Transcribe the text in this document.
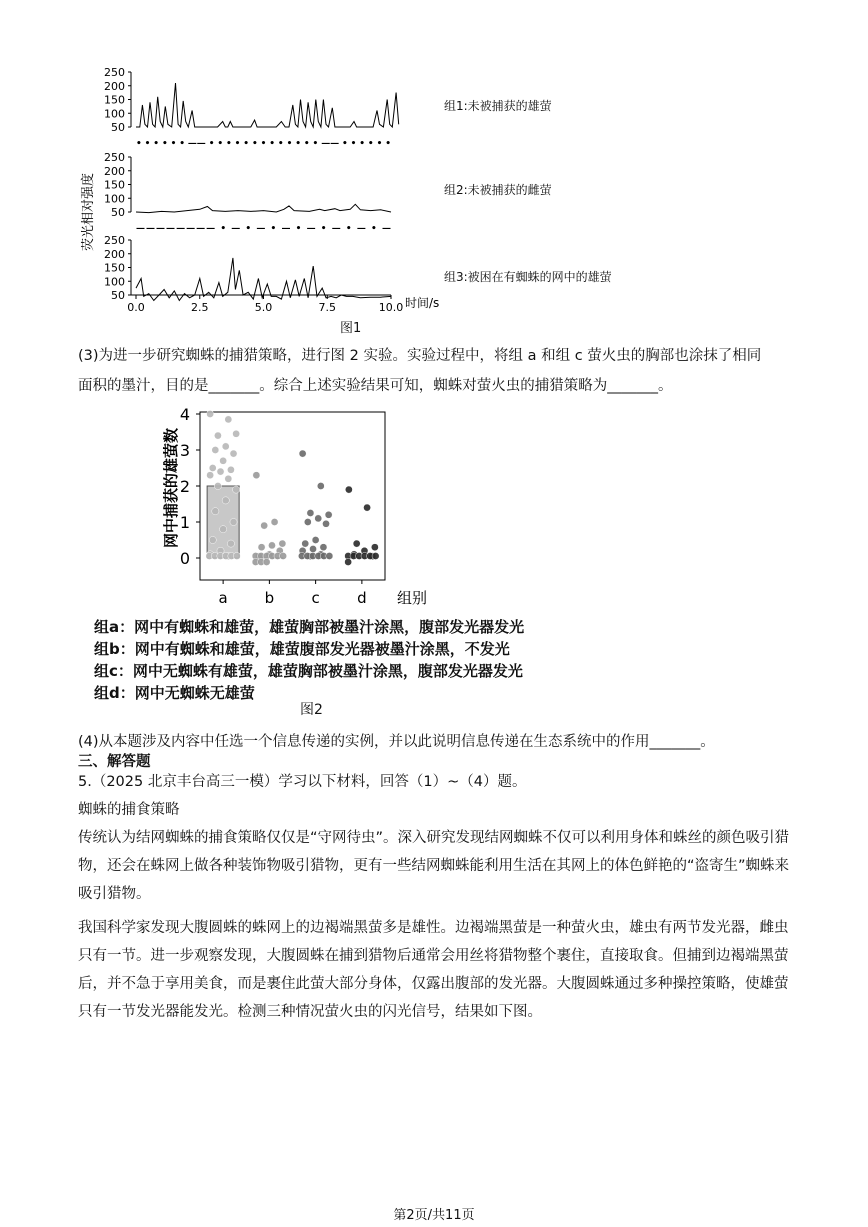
荧光相对强度
250
200
150
100
50
• • • • • • —— • • • • • • • • • • • • • —— • • • • • •
250
200
150
100
50
———————— • — • — • — • — • — • — • —
250
200
150
100
50
0.0	2.5	5.0	7.5	10.0 时间/s
组1:未被捕获的雄萤
组2:未被捕获的雌萤
组3:被困在有蜘蛛的网中的雄萤
图1
(3)为进一步研究蜘蛛的捕猎策略，进行图 2 实验。实验过程中，将组 a 和组 c 萤火虫的胸部也涂抹了相同
面积的墨汁，目的是_______。综合上述实验结果可知，蜘蛛对萤火虫的捕猎策略为_______。
网中捕获的雄萤数
0
1
2
3
4
a b c d 组别
组a：网中有蜘蛛和雄萤，雄萤胸部被墨汁涂黑，腹部发光器发光
组b：网中有蜘蛛和雄萤，雄萤腹部发光器被墨汁涂黑，不发光
组c：网中无蜘蛛有雄萤，雄萤胸部被墨汁涂黑，腹部发光器发光
组d：网中无蜘蛛无雄萤
图2
(4)从本题涉及内容中任选一个信息传递的实例，并以此说明信息传递在生态系统中的作用_______。
三、解答题
5.（2025 北京丰台高三一模）学习以下材料，回答（1）~（4）题。
蜘蛛的捕食策略
传统认为结网蜘蛛的捕食策略仅仅是“守网待虫”。深入研究发现结网蜘蛛不仅可以利用身体和蛛丝的颜色吸引猎物，还会在蛛网上做各种装饰物吸引猎物，更有一些结网蜘蛛能利用生活在其网上的体色鲜艳的“盗寄生”蜘蛛来吸引猎物。
我国科学家发现大腹圆蛛的蛛网上的边褐端黑萤多是雄性。边褐端黑萤是一种萤火虫，雄虫有两节发光器，雌虫只有一节。进一步观察发现，大腹圆蛛在捕到猎物后通常会用丝将猎物整个裹住，直接取食。但捕到边褐端黑萤后，并不急于享用美食，而是裹住此萤大部分身体，仅露出腹部的发光器。大腹圆蛛通过多种操控策略，使雄萤只有一节发光器能发光。检测三种情况萤火虫的闪光信号，结果如下图。
第2页/共11页
